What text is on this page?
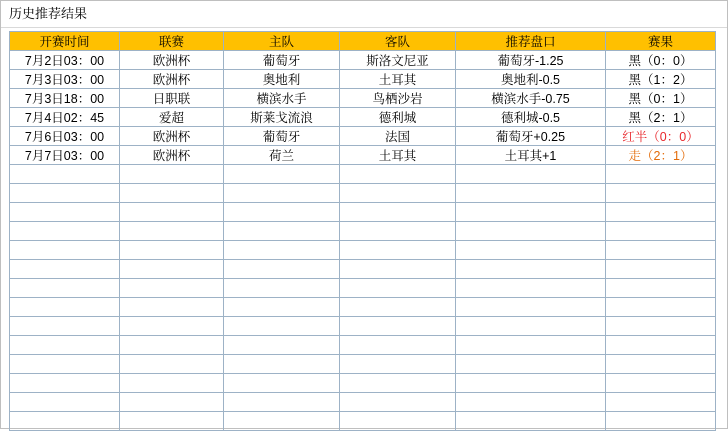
历史推荐结果
开赛时间	联赛	主队	客队	推荐盘口	赛果
7月2日03：00	欧洲杯	葡萄牙	斯洛文尼亚	葡萄牙-1.25	黑（0：0）
7月3日03：00	欧洲杯	奥地利	土耳其	奥地利-0.5	黑（1：2）
7月3日18：00	日职联	横滨水手	鸟栖沙岩	横滨水手-0.75	黑（0：1）
7月4日02：45	爱超	斯莱戈流浪	德利城	德利城-0.5	黑（2：1）
7月6日03：00	欧洲杯	葡萄牙	法国	葡萄牙+0.25	红半（0：0）
7月7日03：00	欧洲杯	荷兰	土耳其	土耳其+1	走（2：1）
